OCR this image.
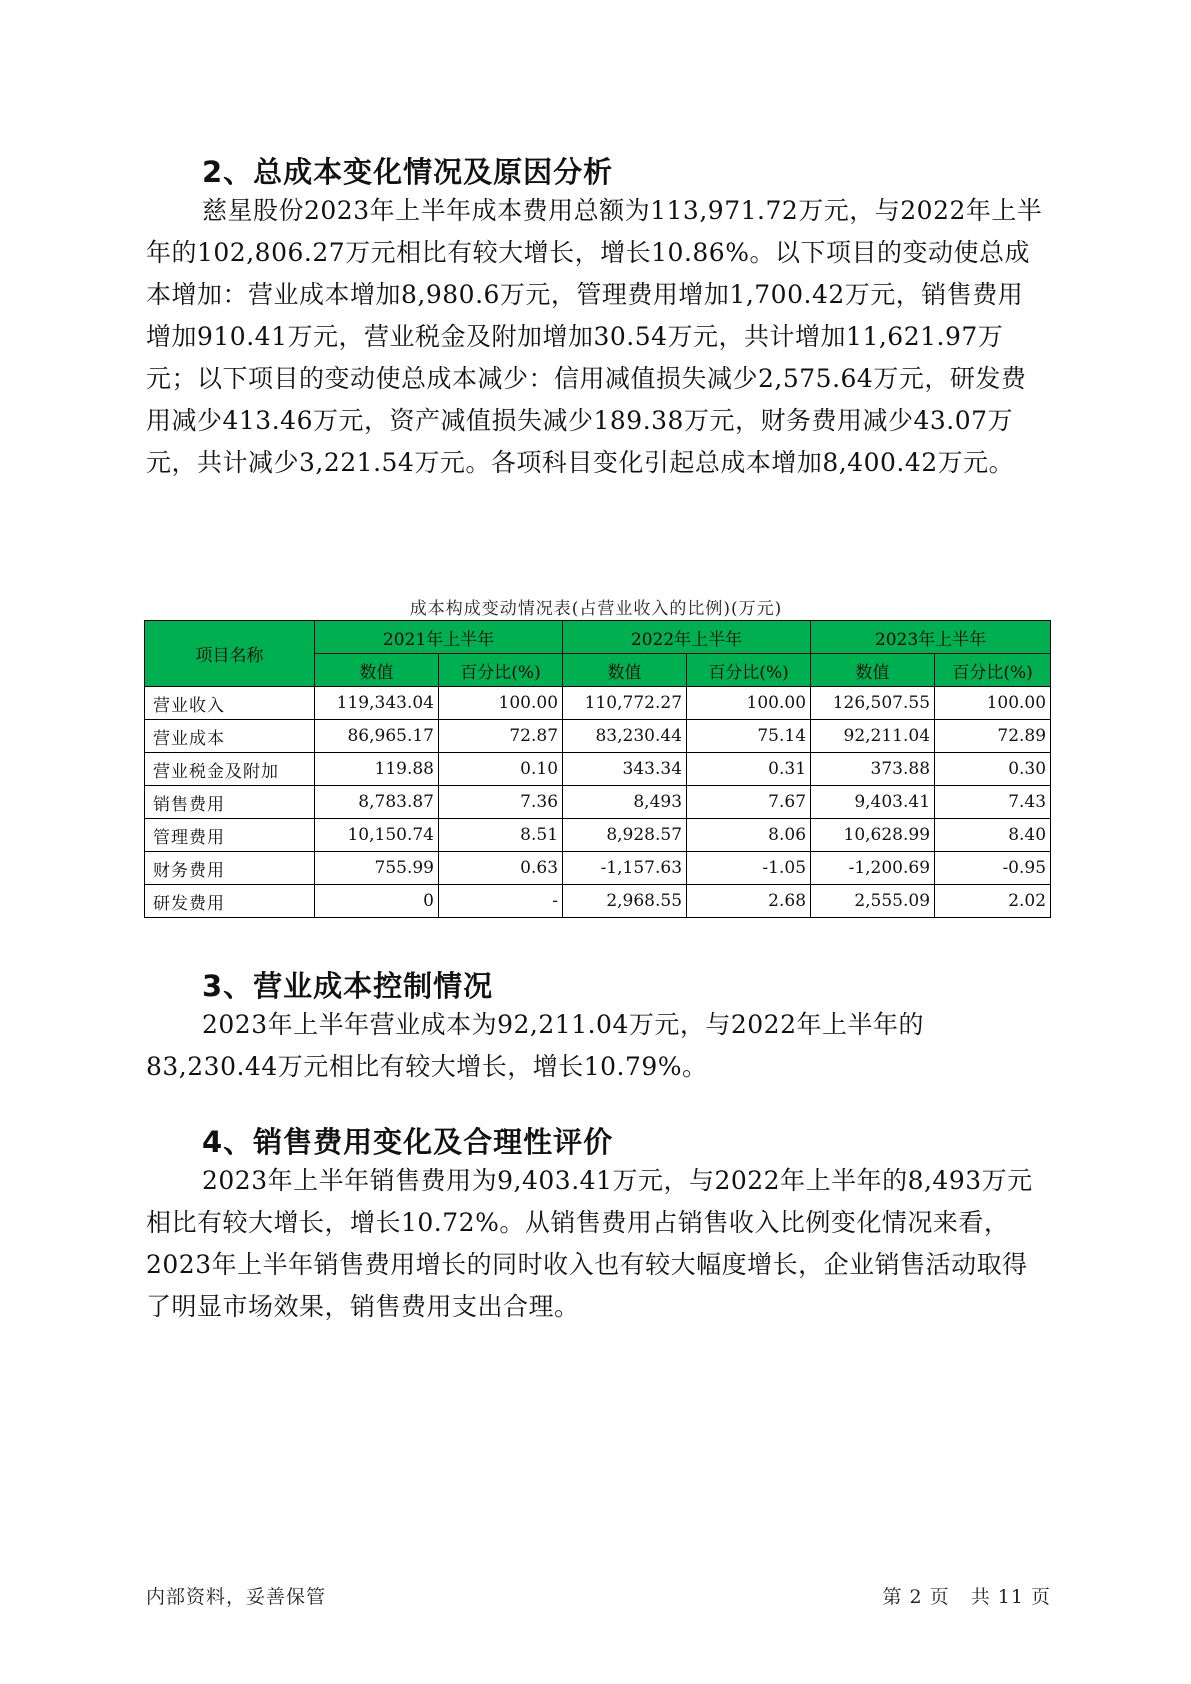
2、总成本变化情况及原因分析

慈星股份2023年上半年成本费用总额为113,971.72万元，与2022年上半年的102,806.27万元相比有较大增长，增长10.86%。以下项目的变动使总成本增加：营业成本增加8,980.6万元，管理费用增加1,700.42万元，销售费用增加910.41万元，营业税金及附加增加30.54万元，共计增加11,621.97万元；以下项目的变动使总成本减少：信用减值损失减少2,575.64万元，研发费用减少413.46万元，资产减值损失减少189.38万元，财务费用减少43.07万元，共计减少3,221.54万元。各项科目变化引起总成本增加8,400.42万元。

成本构成变动情况表(占营业收入的比例)(万元)
项目名称	2021年上半年		2022年上半年		2023年上半年	
	数值	百分比(%)	数值	百分比(%)	数值	百分比(%)
营业收入	119,343.04	100.00	110,772.27	100.00	126,507.55	100.00
营业成本	86,965.17	72.87	83,230.44	75.14	92,211.04	72.89
营业税金及附加	119.88	0.10	343.34	0.31	373.88	0.30
销售费用	8,783.87	7.36	8,493	7.67	9,403.41	7.43
管理费用	10,150.74	8.51	8,928.57	8.06	10,628.99	8.40
财务费用	755.99	0.63	-1,157.63	-1.05	-1,200.69	-0.95
研发费用	0	-	2,968.55	2.68	2,555.09	2.02
3、营业成本控制情况

2023年上半年营业成本为92,211.04万元，与2022年上半年的83,230.44万元相比有较大增长，增长10.79%。

4、销售费用变化及合理性评价

2023年上半年销售费用为9,403.41万元，与2022年上半年的8,493万元相比有较大增长，增长10.72%。从销售费用占销售收入比例变化情况来看，2023年上半年销售费用增长的同时收入也有较大幅度增长，企业销售活动取得了明显市场效果，销售费用支出合理。

内部资料，妥善保管	第 2 页   共 11 页
